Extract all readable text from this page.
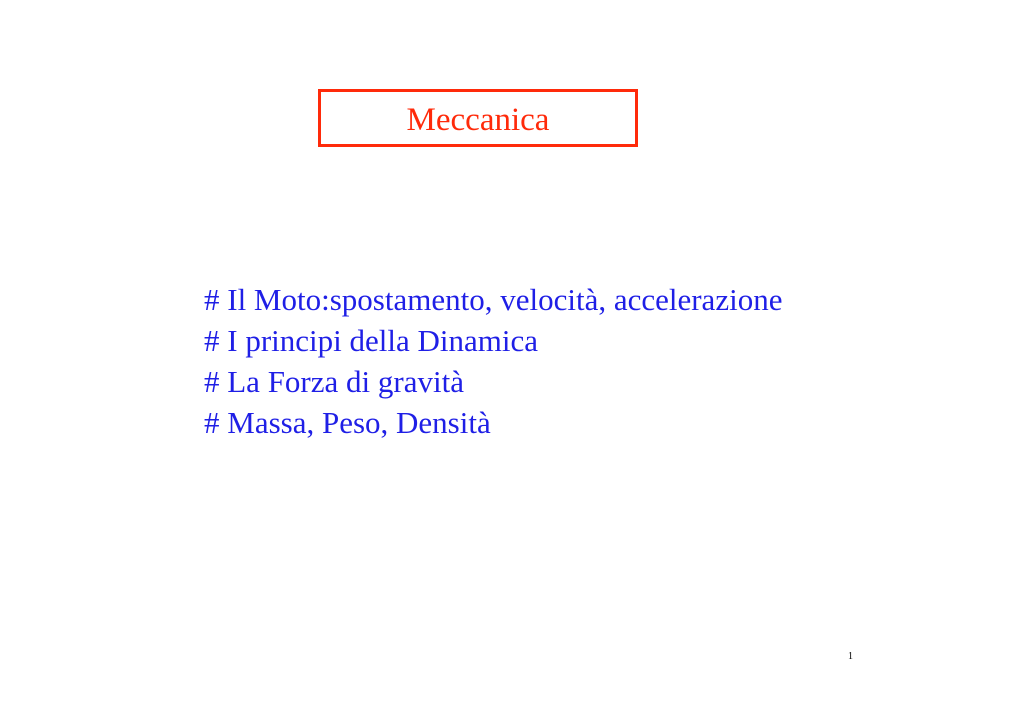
Meccanica
# Il Moto:spostamento, velocità, accelerazione
# I principi della Dinamica
# La Forza di gravità
# Massa, Peso, Densità
1
